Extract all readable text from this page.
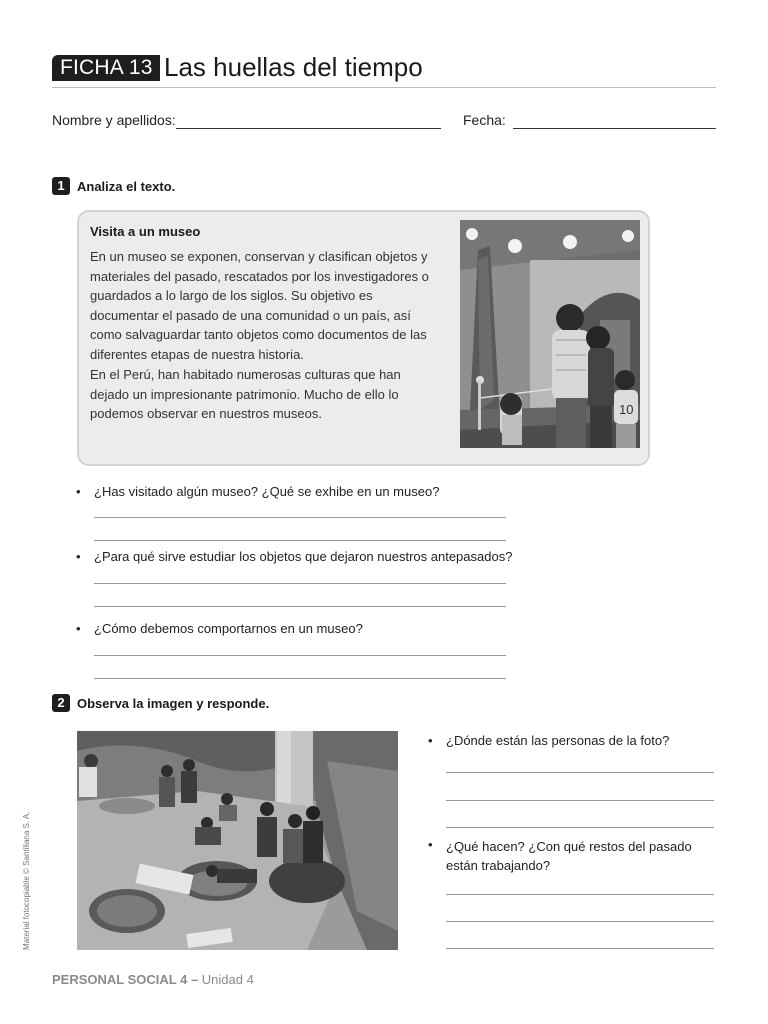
FICHA 13 Las huellas del tiempo
Nombre y apellidos:	Fecha:
1 Analiza el texto.
Visita a un museo
En un museo se exponen, conservan y clasifican objetos y materiales del pasado, rescatados por los investigadores o guardados a lo largo de los siglos. Su objetivo es documentar el pasado de una comunidad o un país, así como salvaguardar tanto objetos como documentos de las diferentes etapas de nuestra historia.
En el Perú, han habitado numerosas culturas que han dejado un impresionante patrimonio. Mucho de ello lo podemos observar en nuestros museos.	10
• ¿Has visitado algún museo? ¿Qué se exhibe en un museo?
• ¿Para qué sirve estudiar los objetos que dejaron nuestros antepasados?
• ¿Cómo debemos comportarnos en un museo?
2 Observa la imagen y responde.
• ¿Dónde están las personas de la foto?
• ¿Qué hacen? ¿Con qué restos del pasado están trabajando?
Material fotocopiable © Santillana S. A.
PERSONAL SOCIAL 4 – Unidad 4
